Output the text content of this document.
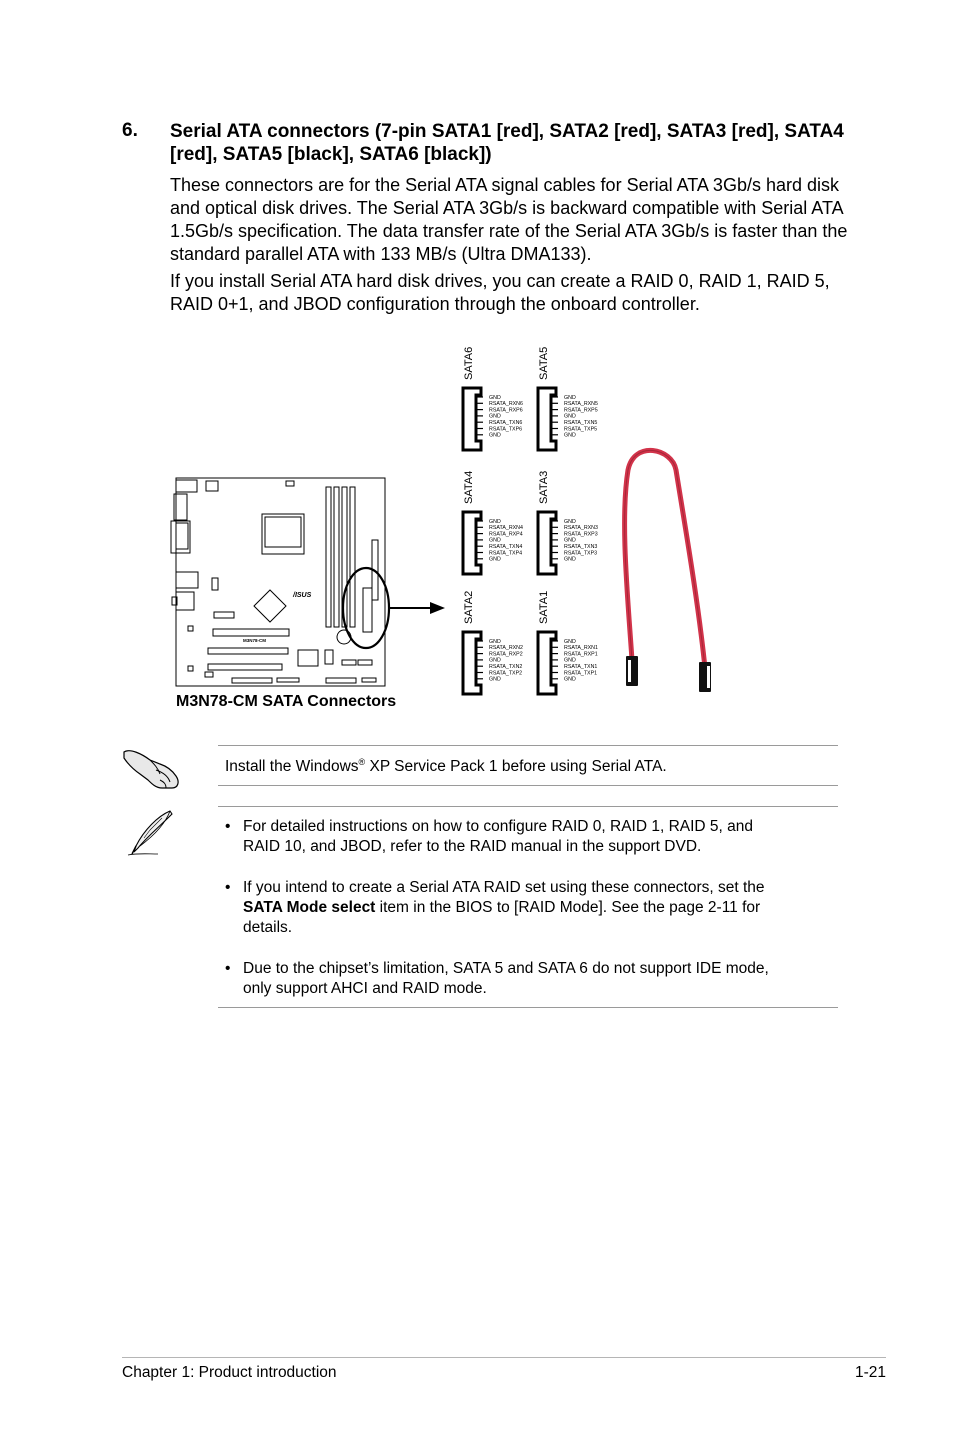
6. Serial ATA connectors (7-pin SATA1 [red], SATA2 [red], SATA3 [red], SATA4 [red], SATA5 [black], SATA6 [black])

These connectors are for the Serial ATA signal cables for Serial ATA 3Gb/s hard disk and optical disk drives. The Serial ATA 3Gb/s is backward compatible with Serial ATA 1.5Gb/s specification. The data transfer rate of the Serial ATA 3Gb/s is faster than the standard parallel ATA with 133 MB/s (Ultra DMA133).

If you install Serial ATA hard disk drives, you can create a RAID 0, RAID 1, RAID 5, RAID 0+1, and JBOD configuration through the onboard controller.

/ISUS
M3N78-CM
SATA6
GND
RSATA_RXN6
RSATA_RXP6
GND
RSATA_TXN6
RSATA_TXP6
GND
SATA5
GND
RSATA_RXN5
RSATA_RXP5
GND
RSATA_TXN5
RSATA_TXP5
GND
SATA4
GND
RSATA_RXN4
RSATA_RXP4
GND
RSATA_TXN4
RSATA_TXP4
GND
SATA3
GND
RSATA_RXN3
RSATA_RXP3
GND
RSATA_TXN3
RSATA_TXP3
GND
SATA2
GND
RSATA_RXN2
RSATA_RXP2
GND
RSATA_TXN2
RSATA_TXP2
GND
SATA1
GND
RSATA_RXN1
RSATA_RXP1
GND
RSATA_TXN1
RSATA_TXP1
GND
M3N78-CM SATA Connectors
Install the Windows® XP Service Pack 1 before using Serial ATA.
• For detailed instructions on how to configure RAID 0, RAID 1, RAID 5, and RAID 10, and JBOD, refer to the RAID manual in the support DVD.
• If you intend to create a Serial ATA RAID set using these connectors, set the SATA Mode select item in the BIOS to [RAID Mode]. See the page 2-11 for details.
• Due to the chipset’s limitation, SATA 5 and SATA 6 do not support IDE mode, only support AHCI and RAID mode.
Chapter 1: Product introduction	1-21
